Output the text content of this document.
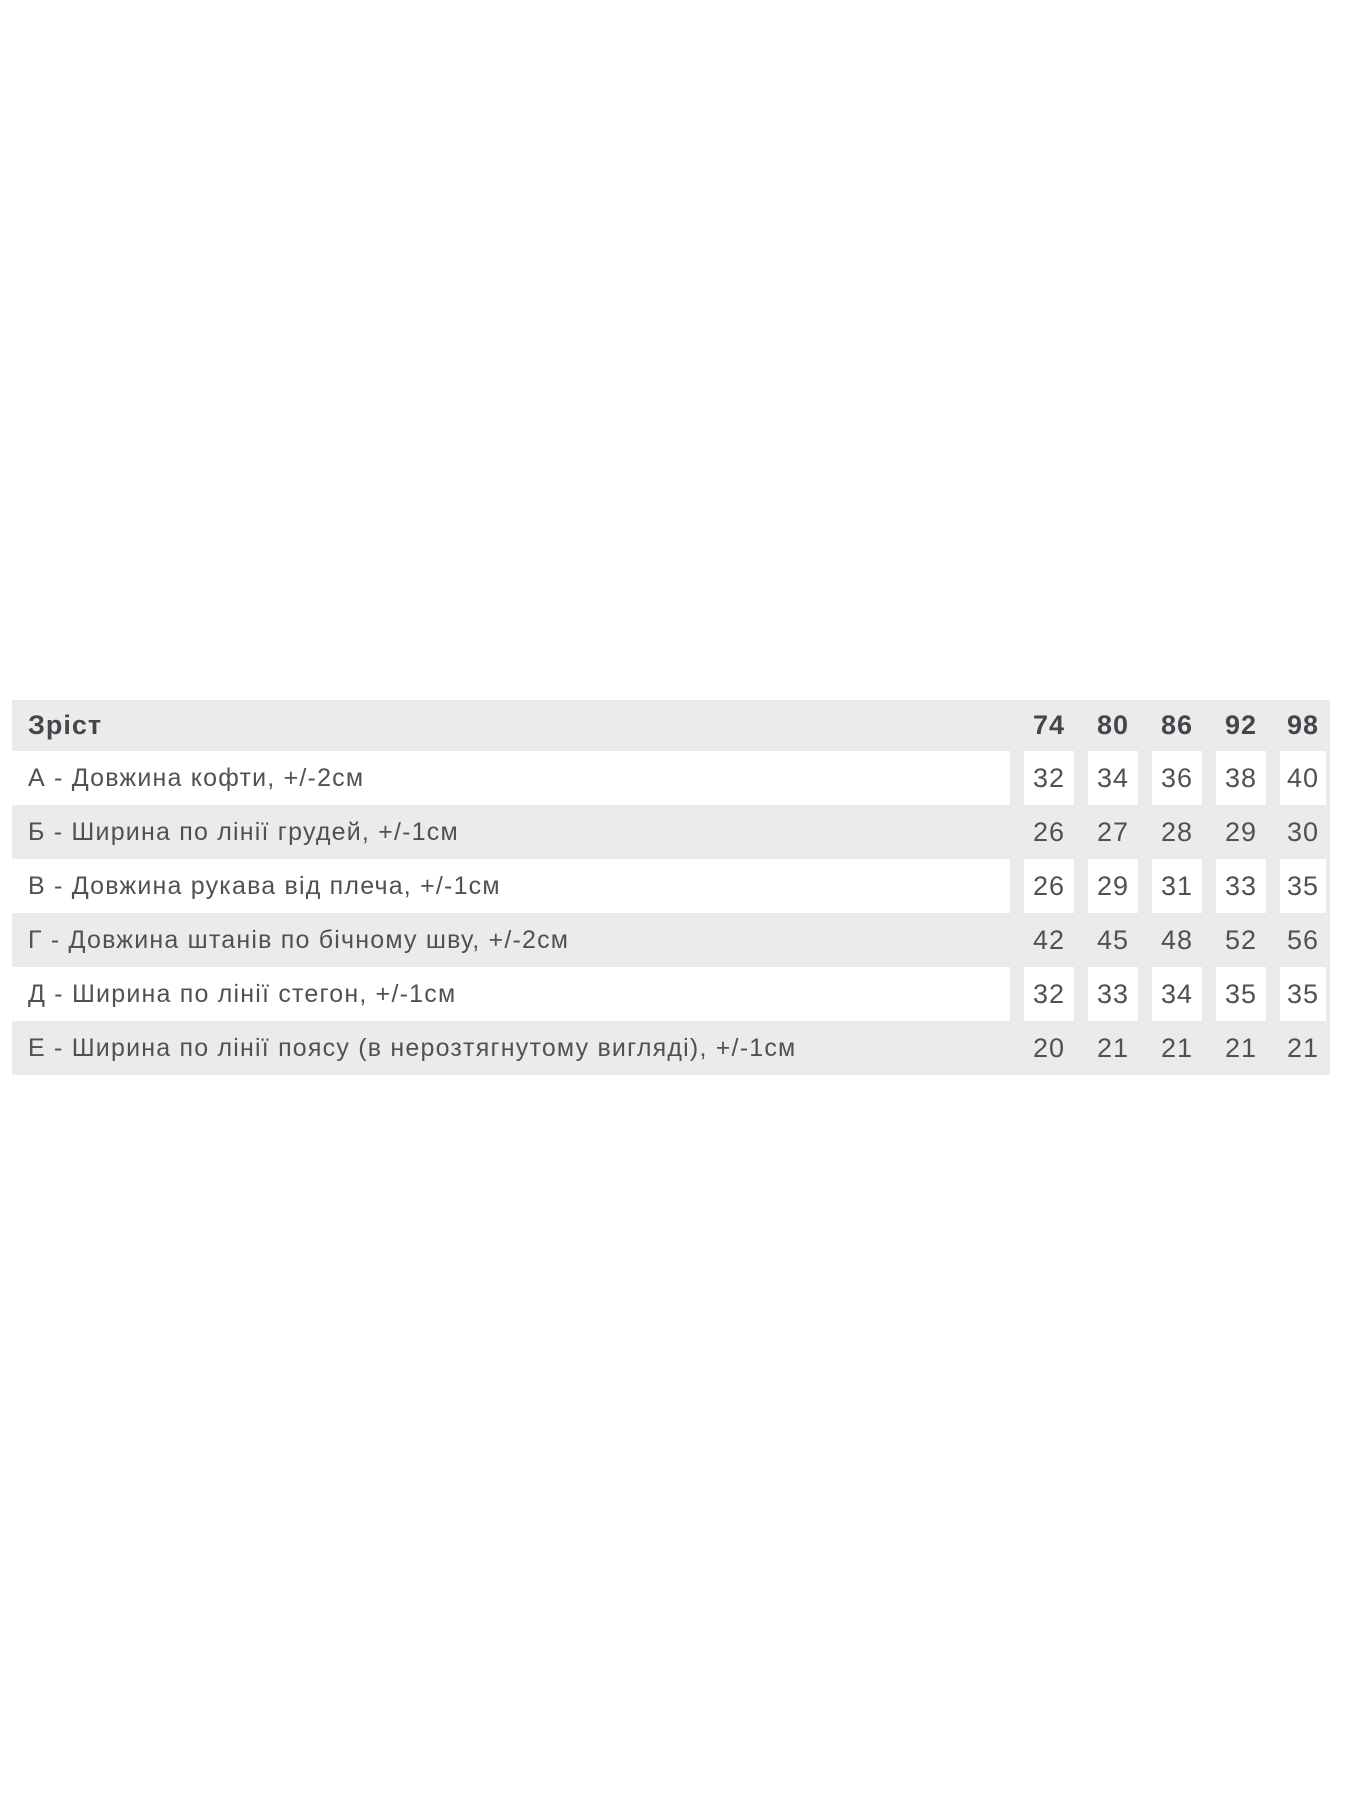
Зріст	74	80	86	92	98
А - Довжина кофти, +/-2см	32	34	36	38	40
Б - Ширина по лінії грудей, +/-1см	26	27	28	29	30
В - Довжина рукава від плеча, +/-1см	26	29	31	33	35
Г - Довжина штанів по бічному шву, +/-2см	42	45	48	52	56
Д - Ширина по лінії стегон, +/-1см	32	33	34	35	35
Е - Ширина по лінії поясу (в нерозтягнутому вигляді), +/-1см	20	21	21	21	21
